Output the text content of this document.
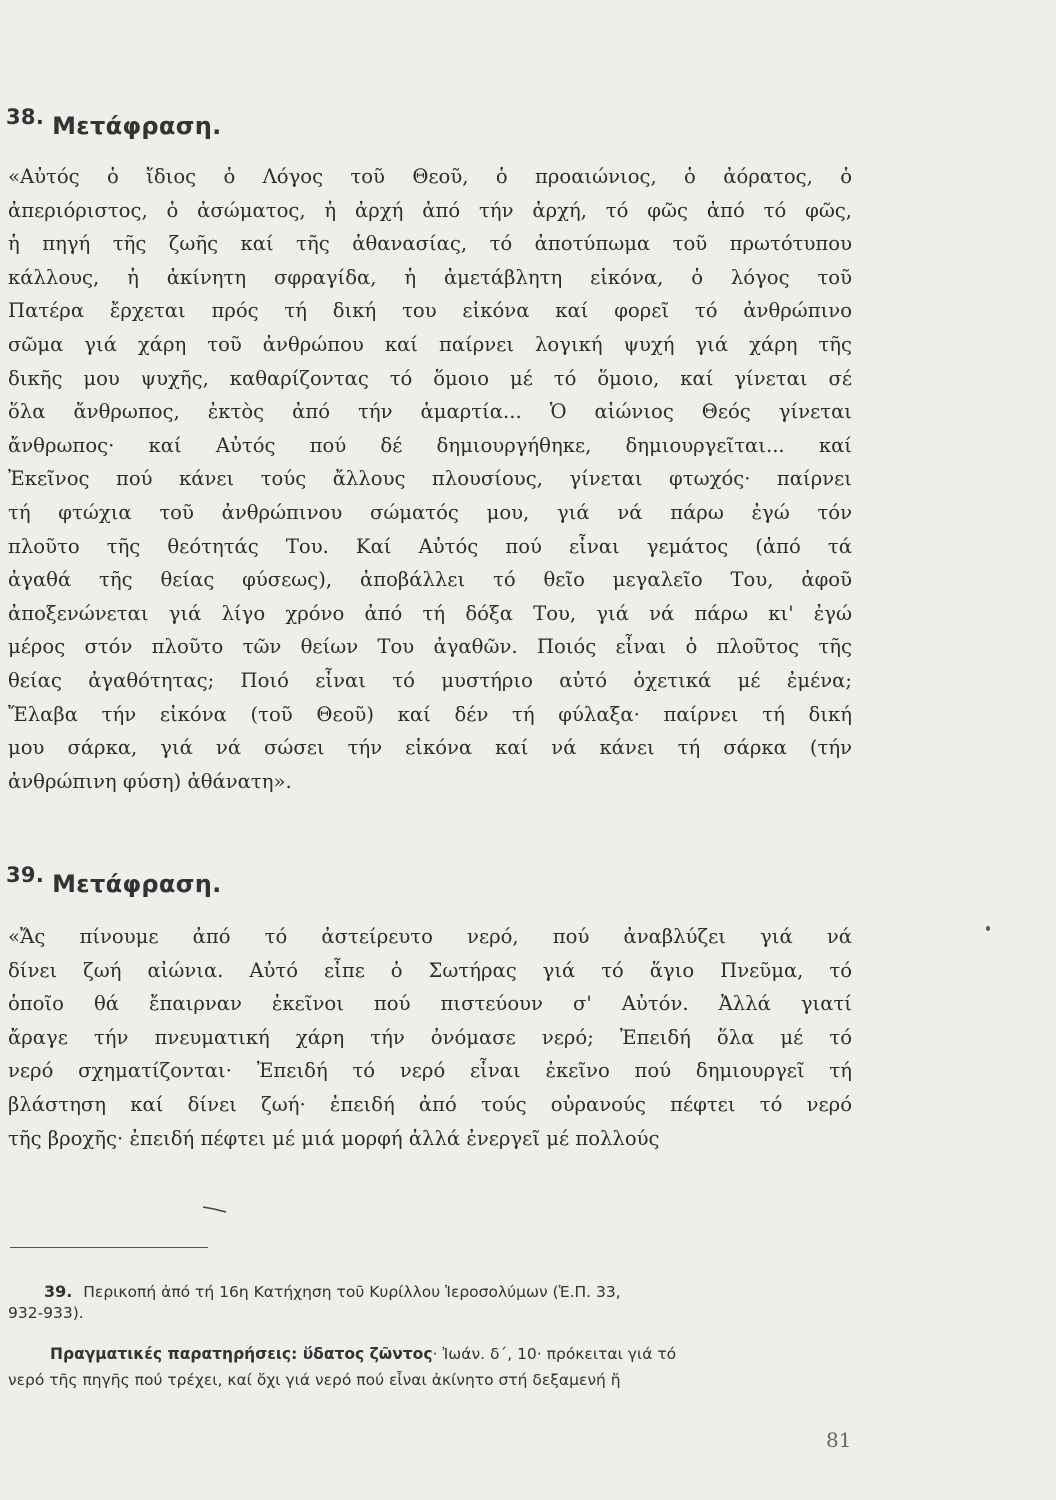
38. Μετάφραση.
«Αὐτός ὁ ἴδιος ὁ Λόγος τοῦ Θεοῦ, ὁ προαιώνιος, ὁ ἀόρατος, ὁ
ἀπεριόριστος, ὁ ἀσώματος, ἡ ἀρχή ἀπό τήν ἀρχή, τό φῶς ἀπό τό φῶς,
ἡ πηγή τῆς ζωῆς καί τῆς ἀθανασίας, τό ἀποτύπωμα τοῦ πρωτότυπου
κάλλους, ἡ ἀκίνητη σφραγίδα, ἡ ἀμετάβλητη εἰκόνα, ὁ λόγος τοῦ
Πατέρα ἔρχεται πρός τή δική του εἰκόνα καί φορεῖ τό ἀνθρώπινο
σῶμα γιά χάρη τοῦ ἀνθρώπου καί παίρνει λογική ψυχή γιά χάρη τῆς
δικῆς μου ψυχῆς, καθαρίζοντας τό ὅμοιο μέ τό ὅμοιο, καί γίνεται σέ
ὅλα ἄνθρωπος, ἐκτὸς ἀπό τήν ἁμαρτία... Ὁ αἰώνιος Θεός γίνεται
ἄνθρωπος· καί Αὐτός πού δέ δημιουργήθηκε, δημιουργεῖται... καί
Ἐκεῖνος πού κάνει τούς ἄλλους πλουσίους, γίνεται φτωχός· παίρνει
τή φτώχια τοῦ ἀνθρώπινου σώματός μου, γιά νά πάρω ἐγώ τόν
πλοῦτο τῆς θεότητάς Του. Καί Αὐτός πού εἶναι γεμάτος (ἀπό τά
ἀγαθά τῆς θείας φύσεως), ἀποβάλλει τό θεῖο μεγαλεῖο Του, ἀφοῦ
ἀποξενώνεται γιά λίγο χρόνο ἀπό τή δόξα Του, γιά νά πάρω κι' ἐγώ
μέρος στόν πλοῦτο τῶν θείων Του ἀγαθῶν. Ποιός εἶναι ὁ πλοῦτος τῆς
θείας ἀγαθότητας; Ποιό εἶναι τό μυστήριο αὐτό ὀχετικά μέ ἐμένα;
Ἔλαβα τήν εἰκόνα (τοῦ Θεοῦ) καί δέν τή φύλαξα· παίρνει τή δική
μου σάρκα, γιά νά σώσει τήν εἰκόνα καί νά κάνει τή σάρκα (τήν
ἀνθρώπινη φύση) ἀθάνατη».
39. Μετάφραση.
«Ἄς πίνουμε ἀπό τό ἀστείρευτο νερό, πού ἀναβλύζει γιά νά
δίνει ζωή αἰώνια. Αὐτό εἶπε ὁ Σωτήρας γιά τό ἅγιο Πνεῦμα, τό
ὁποῖο θά ἔπαιρναν ἐκεῖνοι πού πιστεύουν σ' Αὐτόν. Ἀλλά γιατί
ἄραγε τήν πνευματική χάρη τήν ὀνόμασε νερό; Ἐπειδή ὅλα μέ τό
νερό σχηματίζονται· Ἐπειδή τό νερό εἶναι ἐκεῖνο πού δημιουργεῖ τή
βλάστηση καί δίνει ζωή· ἐπειδή ἀπό τούς οὐρανούς πέφτει τό νερό
τῆς βροχῆς· ἐπειδή πέφτει μέ μιά μορφή ἀλλά ἐνεργεῖ μέ πολλούς
39. Περικοπή ἀπό τή 16η Κατήχηση τοῦ Κυρίλλου Ἱεροσολύμων (Ἑ.Π. 33,
932-933).
Πραγματικές παρατηρήσεις: ὕδατος ζῶντος· Ἰωάν. δ΄, 10· πρόκειται γιά τό
νερό τῆς πηγῆς πού τρέχει, καί ὄχι γιά νερό πού εἶναι ἀκίνητο στή δεξαμενή ἤ
81
